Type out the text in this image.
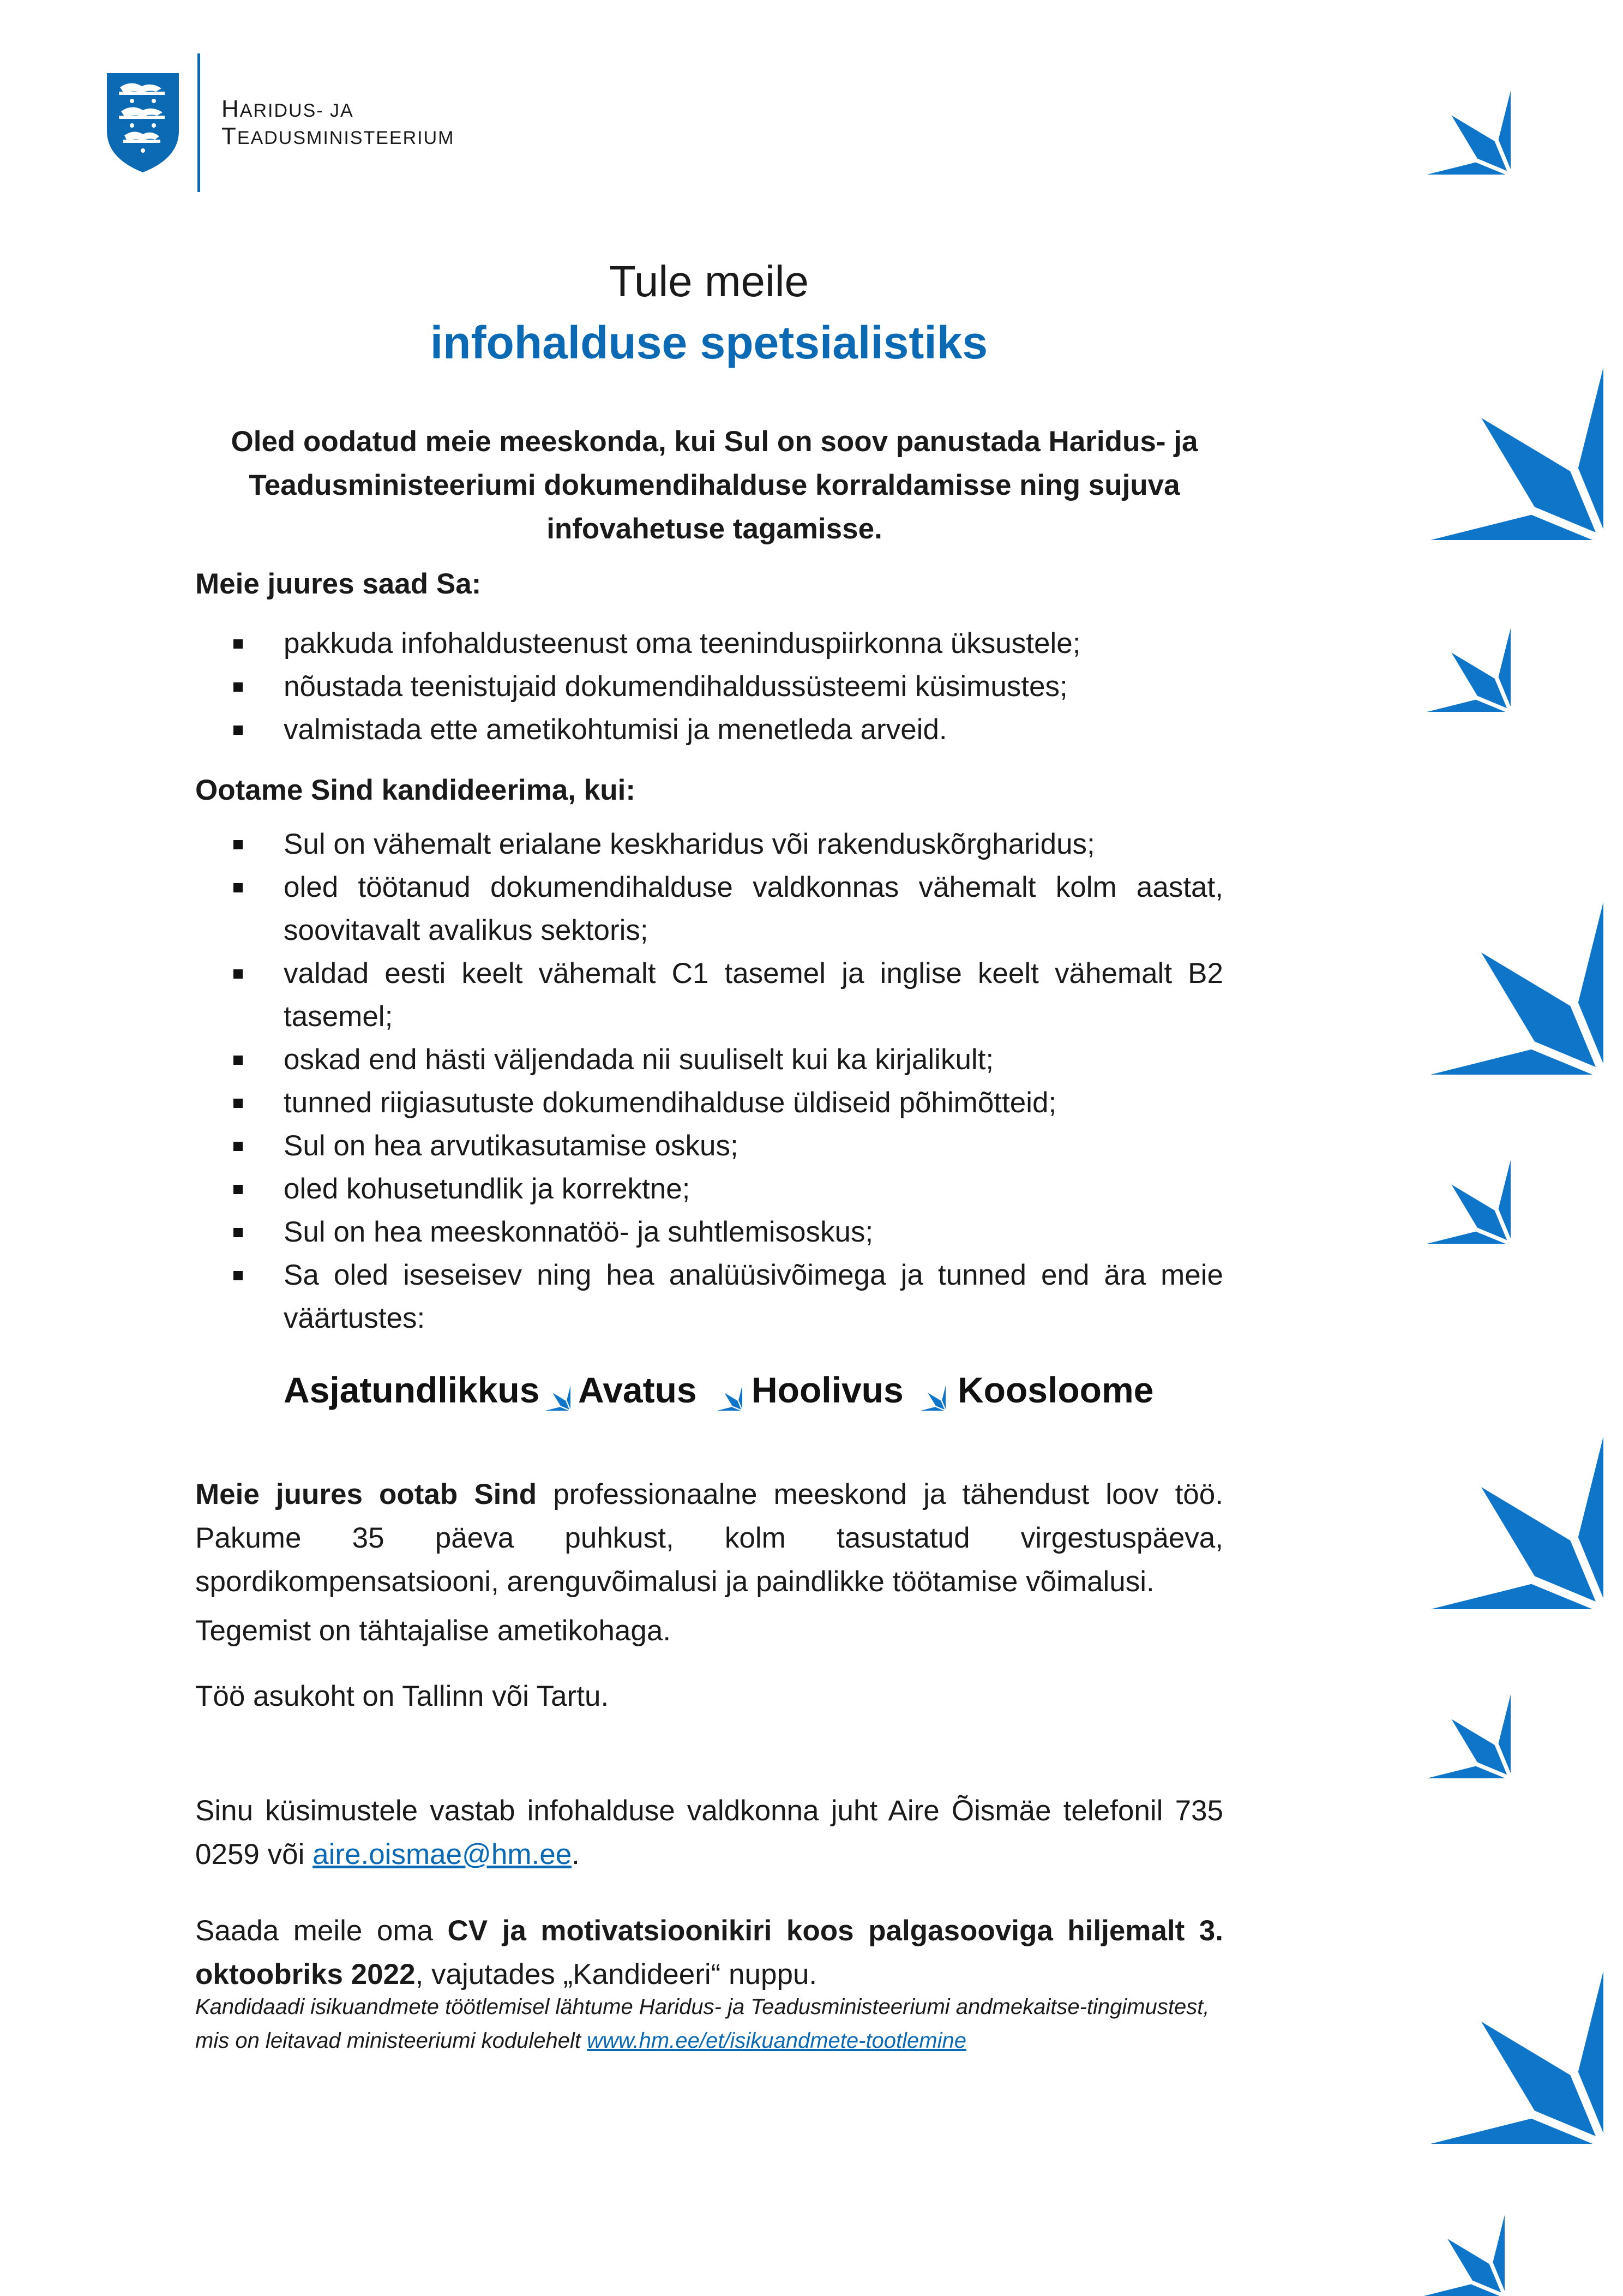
HARIDUS- JA
TEADUSMINISTEERIUM
Tule meile
infohalduse spetsialistiks
Oled oodatud meie meeskonda, kui Sul on soov panustada Haridus- ja Teadusministeeriumi dokumendihalduse korraldamisse ning sujuva infovahetuse tagamisse.
Meie juures saad Sa:
pakkuda infohaldusteenust oma teeninduspiirkonna üksustele;
nõustada teenistujaid dokumendihaldussüsteemi küsimustes;
valmistada ette ametikohtumisi ja menetleda arveid.
Ootame Sind kandideerima, kui:
Sul on vähemalt erialane keskharidus või rakenduskõrgharidus;
oled töötanud dokumendihalduse valdkonnas vähemalt kolm aastat, soovitavalt avalikus sektoris;
valdad eesti keelt vähemalt C1 tasemel ja inglise keelt vähemalt B2 tasemel;
oskad end hästi väljendada nii suuliselt kui ka kirjalikult;
tunned riigiasutuste dokumendihalduse üldiseid põhimõtteid;
Sul on hea arvutikasutamise oskus;
oled kohusetundlik ja korrektne;
Sul on hea meeskonnatöö- ja suhtlemisoskus;
Sa oled iseseisev ning hea analüüsivõimega ja tunned end ära meie väärtustes:
Asjatundlikkus Avatus Hoolivus Koosloome
Meie juures ootab Sind professionaalne meeskond ja tähendust loov töö. Pakume 35 päeva puhkust, kolm tasustatud virgestuspäeva, spordikompensatsiooni, arenguvõimalusi ja paindlikke töötamise võimalusi.
Tegemist on tähtajalise ametikohaga.
Töö asukoht on Tallinn või Tartu.
Sinu küsimustele vastab infohalduse valdkonna juht Aire Õismäe telefonil 735 0259 või aire.oismae@hm.ee.
Saada meile oma CV ja motivatsioonikiri koos palgasooviga hiljemalt 3. oktoobriks 2022, vajutades „Kandideeri“ nuppu.
Kandidaadi isikuandmete töötlemisel lähtume Haridus- ja Teadusministeeriumi andmekaitse-tingimustest, mis on leitavad ministeeriumi kodulehelt www.hm.ee/et/isikuandmete-tootlemine
